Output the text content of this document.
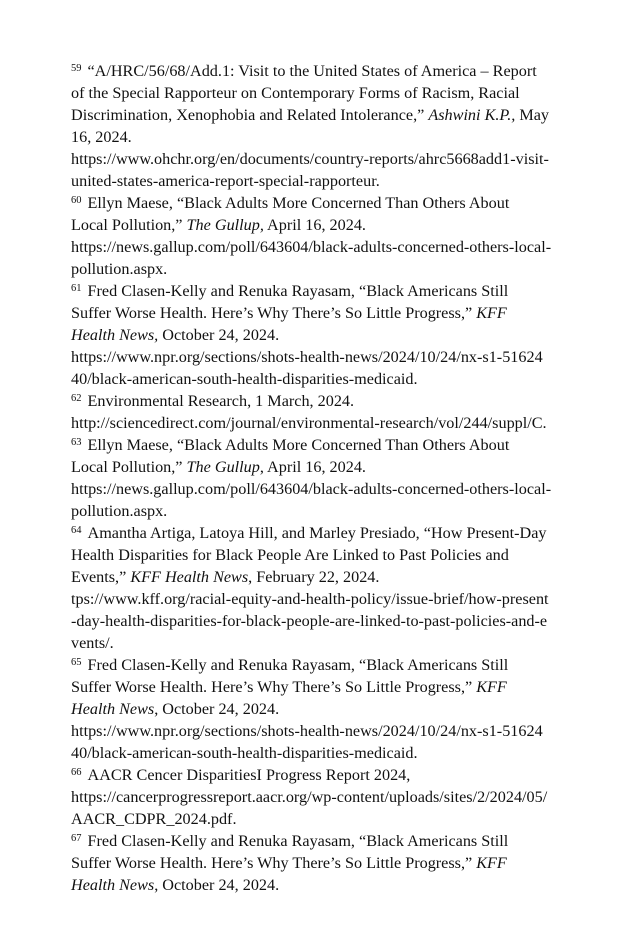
$^{59}$ “A/HRC/56/68/Add.1: Visit to the United States of America – Report
of the Special Rapporteur on Contemporary Forms of Racism, Racial
Discrimination, Xenophobia and Related Intolerance,” Ashwini K.P., May
16, 2024.
https://www.ohchr.org/en/documents/country-reports/ahrc5668add1-visit-
united-states-america-report-special-rapporteur.
$^{60}$ Ellyn Maese, “Black Adults More Concerned Than Others About
Local Pollution,” The Gullup, April 16, 2024.
https://news.gallup.com/poll/643604/black-adults-concerned-others-local-
pollution.aspx.
$^{61}$ Fred Clasen-Kelly and Renuka Rayasam, “Black Americans Still
Suffer Worse Health. Here’s Why There’s So Little Progress,” KFF
Health News, October 24, 2024.
https://www.npr.org/sections/shots-health-news/2024/10/24/nx-s1-51624
40/black-american-south-health-disparities-medicaid.
$^{62}$ Environmental Research, 1 March, 2024.
http://sciencedirect.com/journal/environmental-research/vol/244/suppl/C.
$^{63}$ Ellyn Maese, “Black Adults More Concerned Than Others About
Local Pollution,” The Gullup, April 16, 2024.
https://news.gallup.com/poll/643604/black-adults-concerned-others-local-
pollution.aspx.
$^{64}$ Amantha Artiga, Latoya Hill, and Marley Presiado, “How Present-Day
Health Disparities for Black People Are Linked to Past Policies and
Events,” KFF Health News, February 22, 2024.
tps://www.kff.org/racial-equity-and-health-policy/issue-brief/how-present
-day-health-disparities-for-black-people-are-linked-to-past-policies-and-e
vents/.
$^{65}$ Fred Clasen-Kelly and Renuka Rayasam, “Black Americans Still
Suffer Worse Health. Here’s Why There’s So Little Progress,” KFF
Health News, October 24, 2024.
https://www.npr.org/sections/shots-health-news/2024/10/24/nx-s1-51624
40/black-american-south-health-disparities-medicaid.
$^{66}$ AACR Cencer DisparitiesI Progress Report 2024,
https://cancerprogressreport.aacr.org/wp-content/uploads/sites/2/2024/05/
AACR_CDPR_2024.pdf.
$^{67}$ Fred Clasen-Kelly and Renuka Rayasam, “Black Americans Still
Suffer Worse Health. Here’s Why There’s So Little Progress,” KFF
Health News, October 24, 2024.
